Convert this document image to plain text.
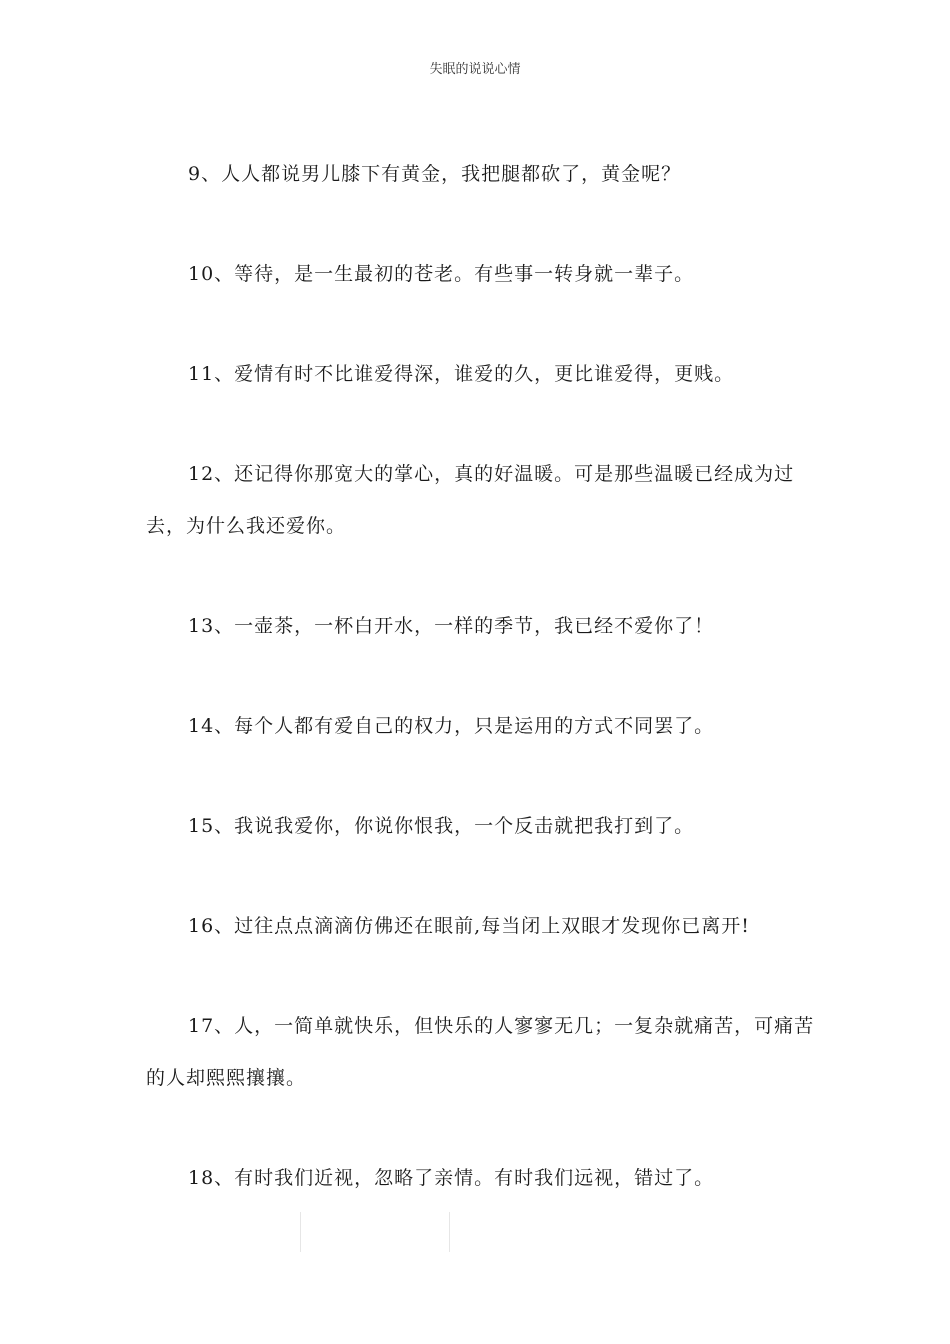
失眠的说说心情

9、人人都说男儿膝下有黄金，我把腿都砍了，黄金呢？

10、等待，是一生最初的苍老。有些事一转身就一辈子。

11、爱情有时不比谁爱得深，谁爱的久，更比谁爱得，更贱。

12、还记得你那宽大的掌心，真的好温暖。可是那些温暖已经成为过去，为什么我还爱你。

13、一壶茶，一杯白开水，一样的季节，我已经不爱你了！

14、每个人都有爱自己的权力，只是运用的方式不同罢了。

15、我说我爱你，你说你恨我，一个反击就把我打到了。

16、过往点点滴滴仿佛还在眼前,每当闭上双眼才发现你已离开!

17、人，一简单就快乐，但快乐的人寥寥无几；一复杂就痛苦，可痛苦的人却熙熙攘攘。

18、有时我们近视，忽略了亲情。有时我们远视，错过了。
